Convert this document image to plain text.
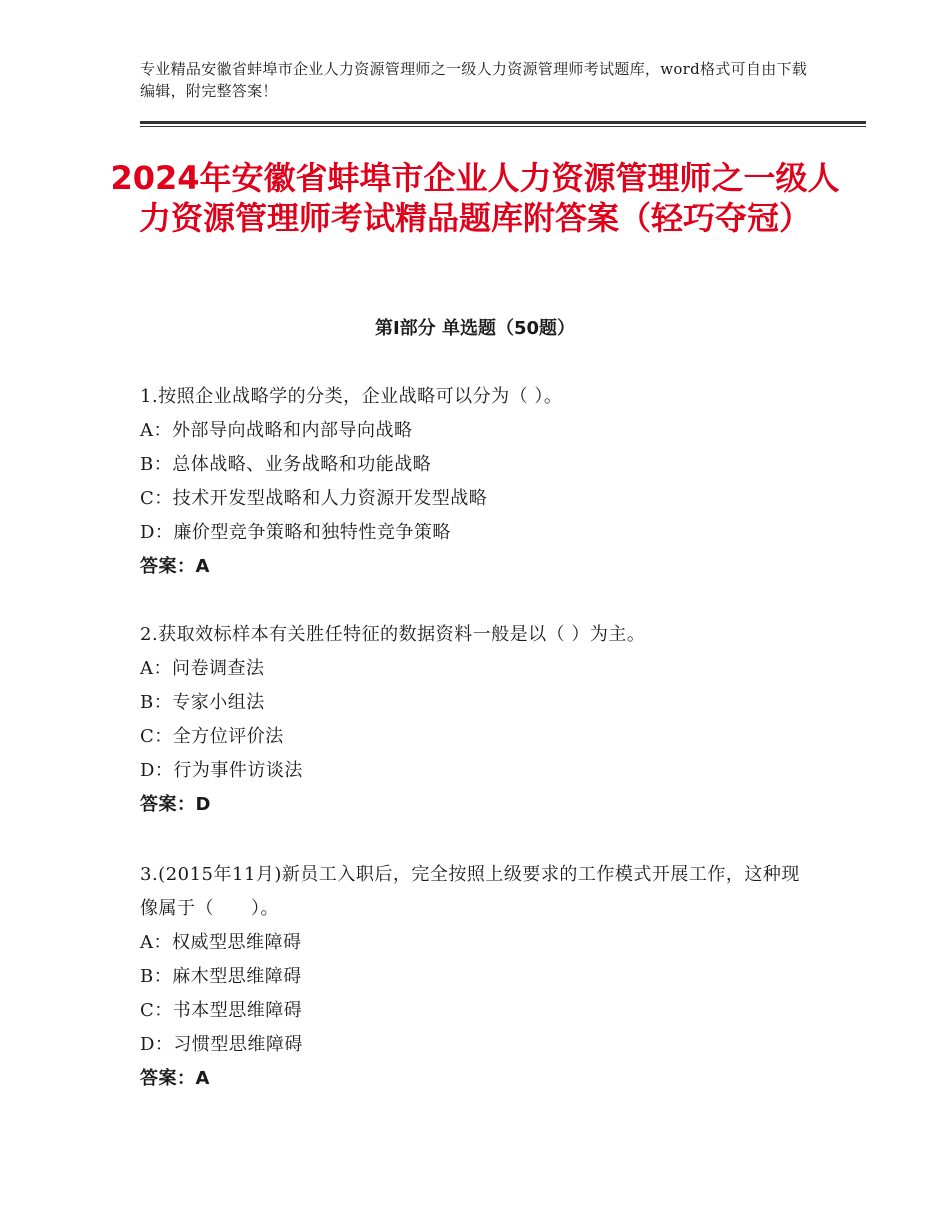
专业精品安徽省蚌埠市企业人力资源管理师之一级人力资源管理师考试题库，word格式可自由下载编辑，附完整答案！
2024年安徽省蚌埠市企业人力资源管理师之一级人力资源管理师考试精品题库附答案（轻巧夺冠）
第Ⅰ部分 单选题（50题）

1.按照企业战略学的分类，企业战略可以分为（ ）。

A：外部导向战略和内部导向战略

B：总体战略、业务战略和功能战略

C：技术开发型战略和人力资源开发型战略

D：廉价型竞争策略和独特性竞争策略

答案：A

2.获取效标样本有关胜任特征的数据资料一般是以（ ）为主。

A：问卷调查法

B：专家小组法

C：全方位评价法

D：行为事件访谈法

答案：D

3.(2015年11月)新员工入职后，完全按照上级要求的工作模式开展工作，这种现像属于（　　）。

A：权威型思维障碍

B：麻木型思维障碍

C：书本型思维障碍

D：习惯型思维障碍

答案：A
